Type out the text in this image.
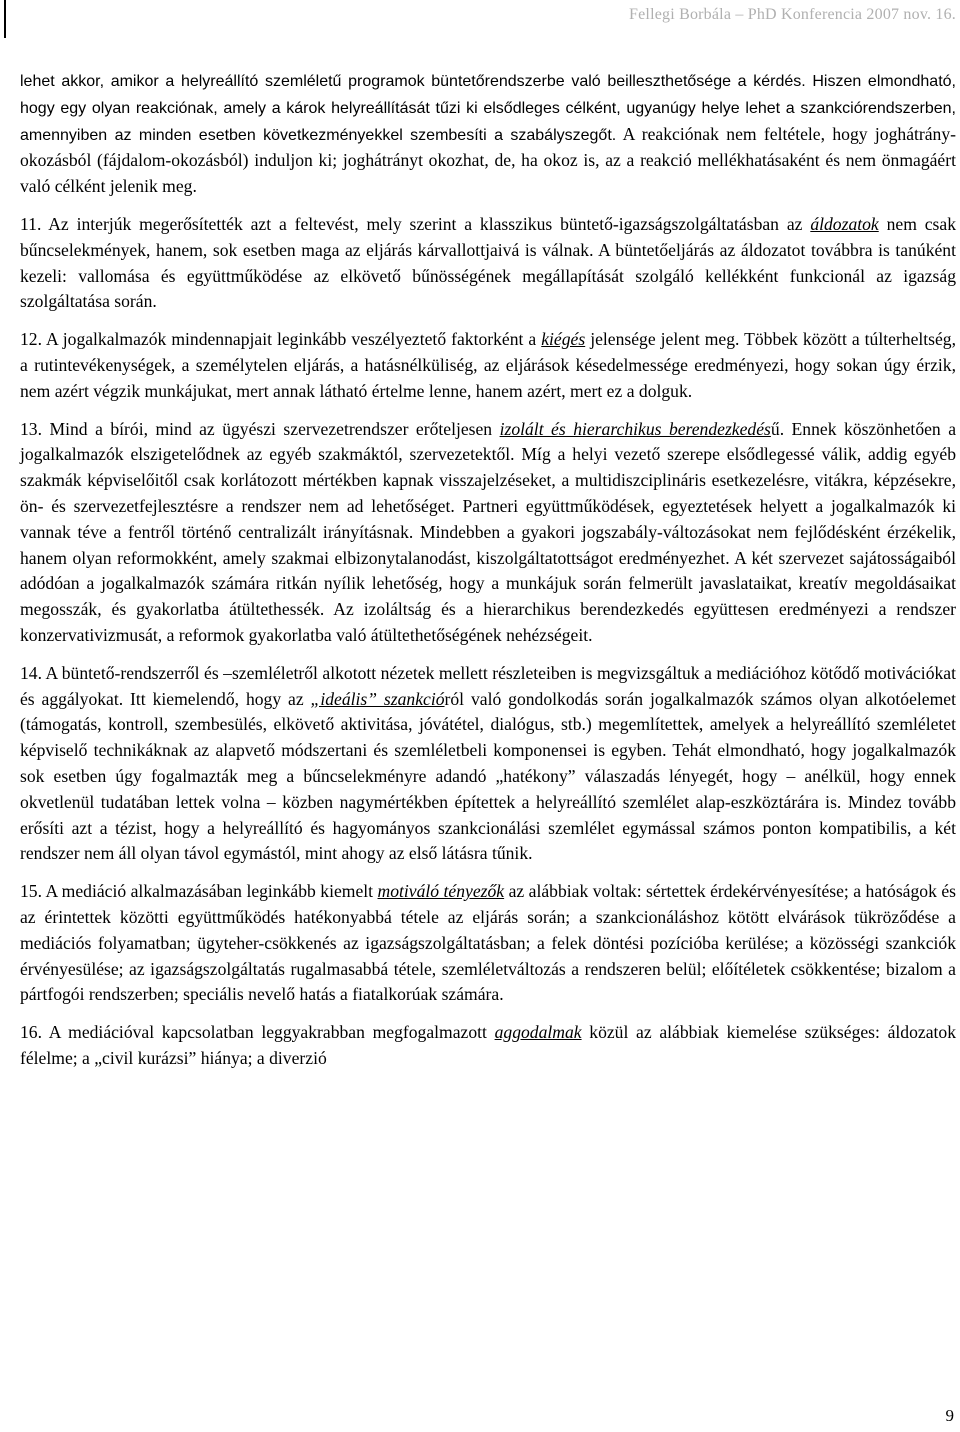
Fellegi Borbála – PhD Konferencia 2007 nov. 16.

lehet akkor, amikor a helyreállító szemléletű programok büntetőrendszerbe való beilleszthetősége a kérdés. Hiszen elmondható, hogy egy olyan reakciónak, amely a károk helyreállítását tűzi ki elsődleges célként, ugyanúgy helye lehet a szankciórendszerben, amennyiben az minden esetben következményekkel szembesíti a szabályszegőt. A reakciónak nem feltétele, hogy joghátrány-okozásból (fájdalom-okozásból) induljon ki; joghátrányt okozhat, de, ha okoz is, az a reakció mellékhatásaként és nem önmagáért való célként jelenik meg.

11. Az interjúk megerősítették azt a feltevést, mely szerint a klasszikus büntető-igazságszolgáltatásban az áldozatok nem csak bűncselekmények, hanem, sok esetben maga az eljárás kárvallottjaivá is válnak. A büntetőeljárás az áldozatot továbbra is tanúként kezeli: vallomása és együttműködése az elkövető bűnösségének megállapítását szolgáló kellékként funkcionál az igazság szolgáltatása során.

12. A jogalkalmazók mindennapjait leginkább veszélyeztető faktorként a kiégés jelensége jelent meg. Többek között a túlterheltség, a rutintevékenységek, a személytelen eljárás, a hatásnélküliség, az eljárások késedelmessége eredményezi, hogy sokan úgy érzik, nem azért végzik munkájukat, mert annak látható értelme lenne, hanem azért, mert ez a dolguk.

13. Mind a bírói, mind az ügyészi szervezetrendszer erőteljesen izolált és hierarchikus berendezkedésű. Ennek köszönhetően a jogalkalmazók elszigetelődnek az egyéb szakmáktól, szervezetektől. Míg a helyi vezető szerepe elsődlegessé válik, addig egyéb szakmák képviselőitől csak korlátozott mértékben kapnak visszajelzéseket, a multidiszciplináris esetkezelésre, vitákra, képzésekre, ön- és szervezetfejlesztésre a rendszer nem ad lehetőséget. Partneri együttműködések, egyeztetések helyett a jogalkalmazók ki vannak téve a fentről történő centralizált irányításnak. Mindebben a gyakori jogszabály-változásokat nem fejlődésként érzékelik, hanem olyan reformokként, amely szakmai elbizonytalanodást, kiszolgáltatottságot eredményezhet. A két szervezet sajátosságaiból adódóan a jogalkalmazók számára ritkán nyílik lehetőség, hogy a munkájuk során felmerült javaslataikat, kreatív megoldásaikat megosszák, és gyakorlatba átültethessék. Az izoláltság és a hierarchikus berendezkedés együttesen eredményezi a rendszer konzervativizmusát, a reformok gyakorlatba való átültethetőségének nehézségeit.

14. A büntető-rendszerről és –szemléletről alkotott nézetek mellett részleteiben is megvizsgáltuk a mediációhoz kötődő motivációkat és aggályokat. Itt kiemelendő, hogy az „ideális” szankcióról való gondolkodás során jogalkalmazók számos olyan alkotóelemet (támogatás, kontroll, szembesülés, elkövető aktivitása, jóvátétel, dialógus, stb.) megemlítettek, amelyek a helyreállító szemléletet képviselő technikáknak az alapvető módszertani és szemléletbeli komponensei is egyben. Tehát elmondható, hogy jogalkalmazók sok esetben úgy fogalmazták meg a bűncselekményre adandó „hatékony” válaszadás lényegét, hogy – anélkül, hogy ennek okvetlenül tudatában lettek volna – közben nagymértékben építettek a helyreállító szemlélet alap-eszköztárára is. Mindez tovább erősíti azt a tézist, hogy a helyreállító és hagyományos szankcionálási szemlélet egymással számos ponton kompatibilis, a két rendszer nem áll olyan távol egymástól, mint ahogy az első látásra tűnik.

15. A mediáció alkalmazásában leginkább kiemelt motiváló tényezők az alábbiak voltak: sértettek érdekérvényesítése; a hatóságok és az érintettek közötti együttműködés hatékonyabbá tétele az eljárás során; a szankcionáláshoz kötött elvárások tükröződése a mediációs folyamatban; ügyteher-csökkenés az igazságszolgáltatásban; a felek döntési pozícióba kerülése; a közösségi szankciók érvényesülése; az igazságszolgáltatás rugalmasabbá tétele, szemléletváltozás a rendszeren belül; előítéletek csökkentése; bizalom a pártfogói rendszerben; speciális nevelő hatás a fiatalkorúak számára.

16. A mediációval kapcsolatban leggyakrabban megfogalmazott aggodalmak közül az alábbiak kiemelése szükséges: áldozatok félelme; a „civil kurázsi” hiánya; a diverzió

9
